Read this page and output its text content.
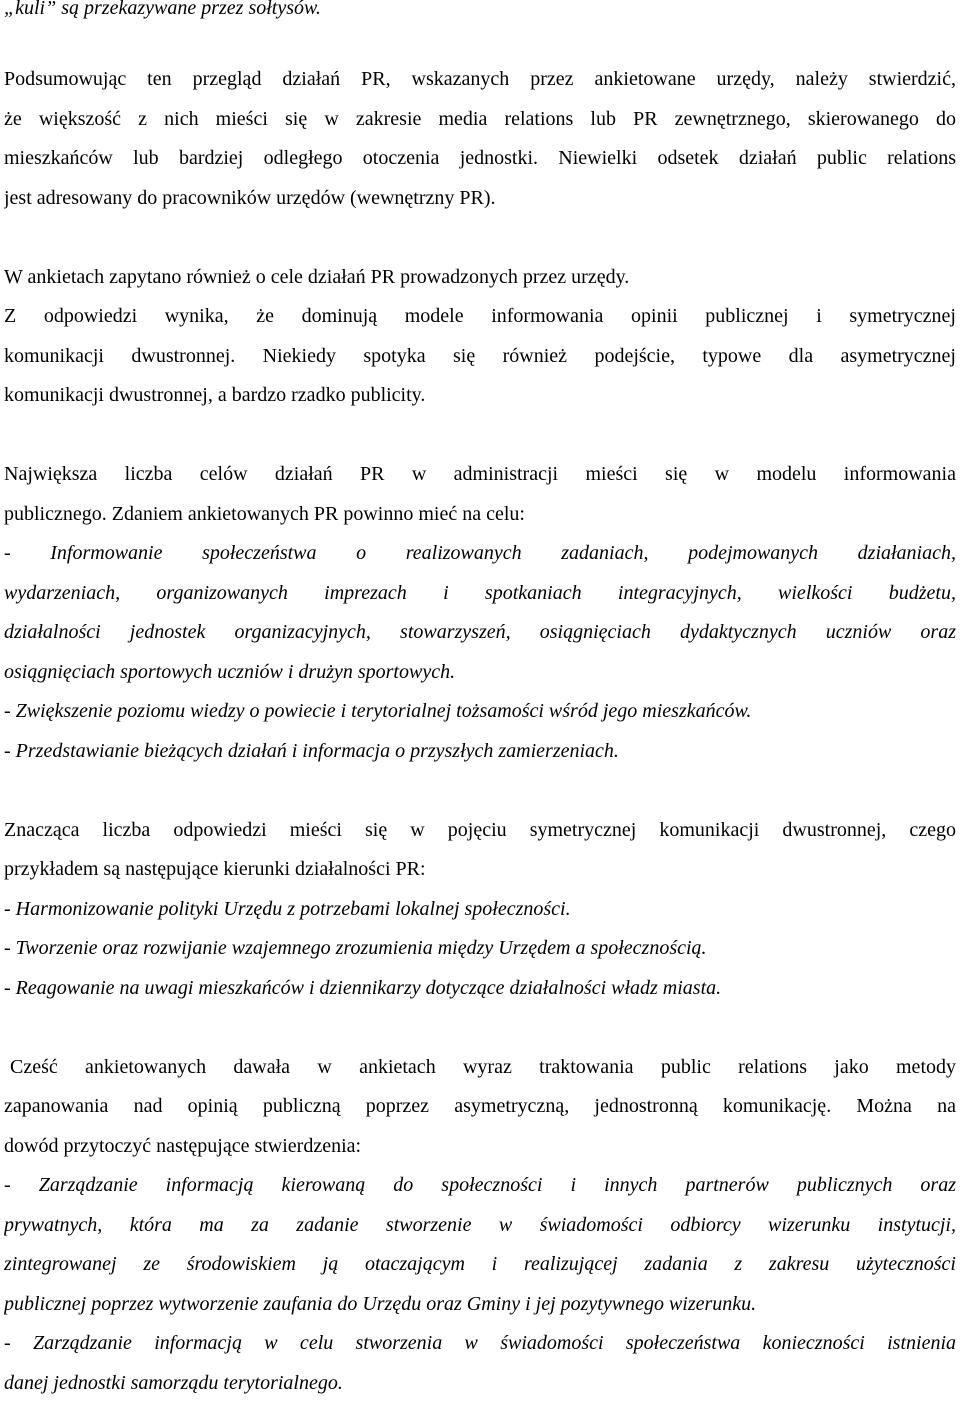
„kuli” są przekazywane przez sołtysów.
Podsumowując ten przegląd działań PR, wskazanych przez ankietowane urzędy, należy stwierdzić,
że większość z nich mieści się w zakresie media relations lub PR zewnętrznego, skierowanego do
mieszkańców lub bardziej odległego otoczenia jednostki. Niewielki odsetek działań public relations
jest adresowany do pracowników urzędów (wewnętrzny PR).
W ankietach zapytano również o cele działań PR prowadzonych przez urzędy.
Z odpowiedzi wynika, że dominują modele informowania opinii publicznej i symetrycznej
komunikacji dwustronnej. Niekiedy spotyka się również podejście, typowe dla asymetrycznej
komunikacji dwustronnej, a bardzo rzadko publicity.
Największa liczba celów działań PR w administracji mieści się w modelu informowania
publicznego. Zdaniem ankietowanych PR powinno mieć na celu:
- Informowanie społeczeństwa o realizowanych zadaniach, podejmowanych działaniach,
wydarzeniach, organizowanych imprezach i spotkaniach integracyjnych, wielkości budżetu,
działalności jednostek organizacyjnych, stowarzyszeń, osiągnięciach dydaktycznych uczniów oraz
osiągnięciach sportowych uczniów i drużyn sportowych.
- Zwiększenie poziomu wiedzy o powiecie i terytorialnej tożsamości wśród jego mieszkańców.
- Przedstawianie bieżących działań i informacja o przyszłych zamierzeniach.
Znacząca liczba odpowiedzi mieści się w pojęciu symetrycznej komunikacji dwustronnej, czego
przykładem są następujące kierunki działalności PR:
- Harmonizowanie polityki Urzędu z potrzebami lokalnej społeczności.
- Tworzenie oraz rozwijanie wzajemnego zrozumienia między Urzędem a społecznością.
- Reagowanie na uwagi mieszkańców i dziennikarzy dotyczące działalności władz miasta.
Cześć ankietowanych dawała w ankietach wyraz traktowania public relations jako metody
zapanowania nad opinią publiczną poprzez asymetryczną, jednostronną komunikację. Można na
dowód przytoczyć następujące stwierdzenia:
- Zarządzanie informacją kierowaną do społeczności i innych partnerów publicznych oraz
prywatnych, która ma za zadanie stworzenie w świadomości odbiorcy wizerunku instytucji,
zintegrowanej ze środowiskiem ją otaczającym i realizującej zadania z zakresu użyteczności
publicznej poprzez wytworzenie zaufania do Urzędu oraz Gminy i jej pozytywnego wizerunku.
- Zarządzanie informacją w celu stworzenia w świadomości społeczeństwa konieczności istnienia
danej jednostki samorządu terytorialnego.
